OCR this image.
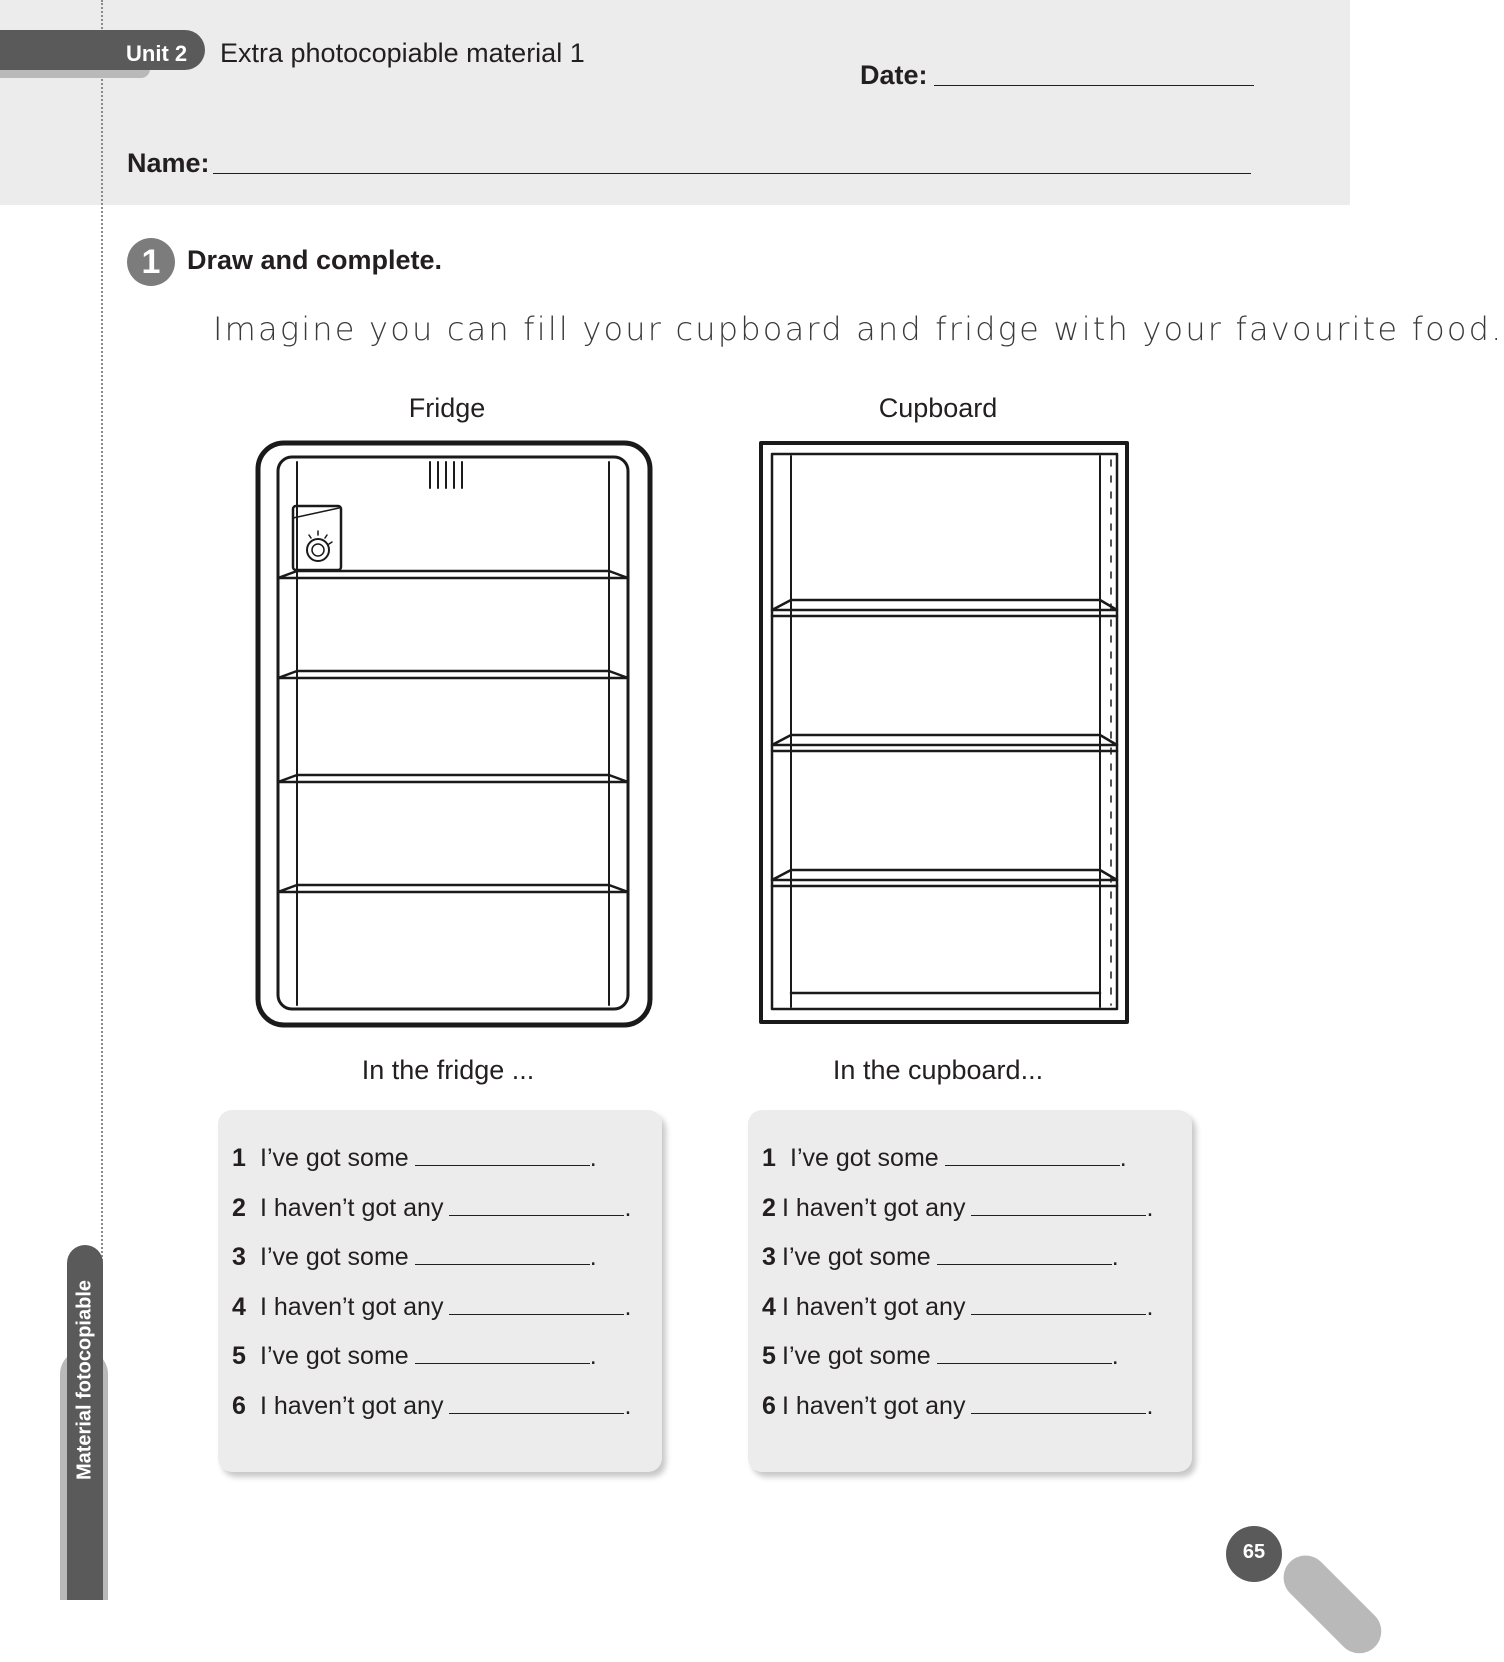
Unit 2 Extra photocopiable material 1
Date:
Name:
1 Draw and complete.
Imagine you can fill your cupboard and fridge with your favourite food.
Fridge	Cupboard
In the fridge ...	In the cupboard...
1 I’ve got some	.
2 I haven’t got any	.
3 I’ve got some	.
4 I haven’t got any	.
5 I’ve got some	.
6 I haven’t got any	.
1 I’ve got some	.
2 I haven’t got any	.
3 I’ve got some	.
4 I haven’t got any	.
5 I’ve got some	.
6 I haven’t got any	.
Material fotocopiable
65
